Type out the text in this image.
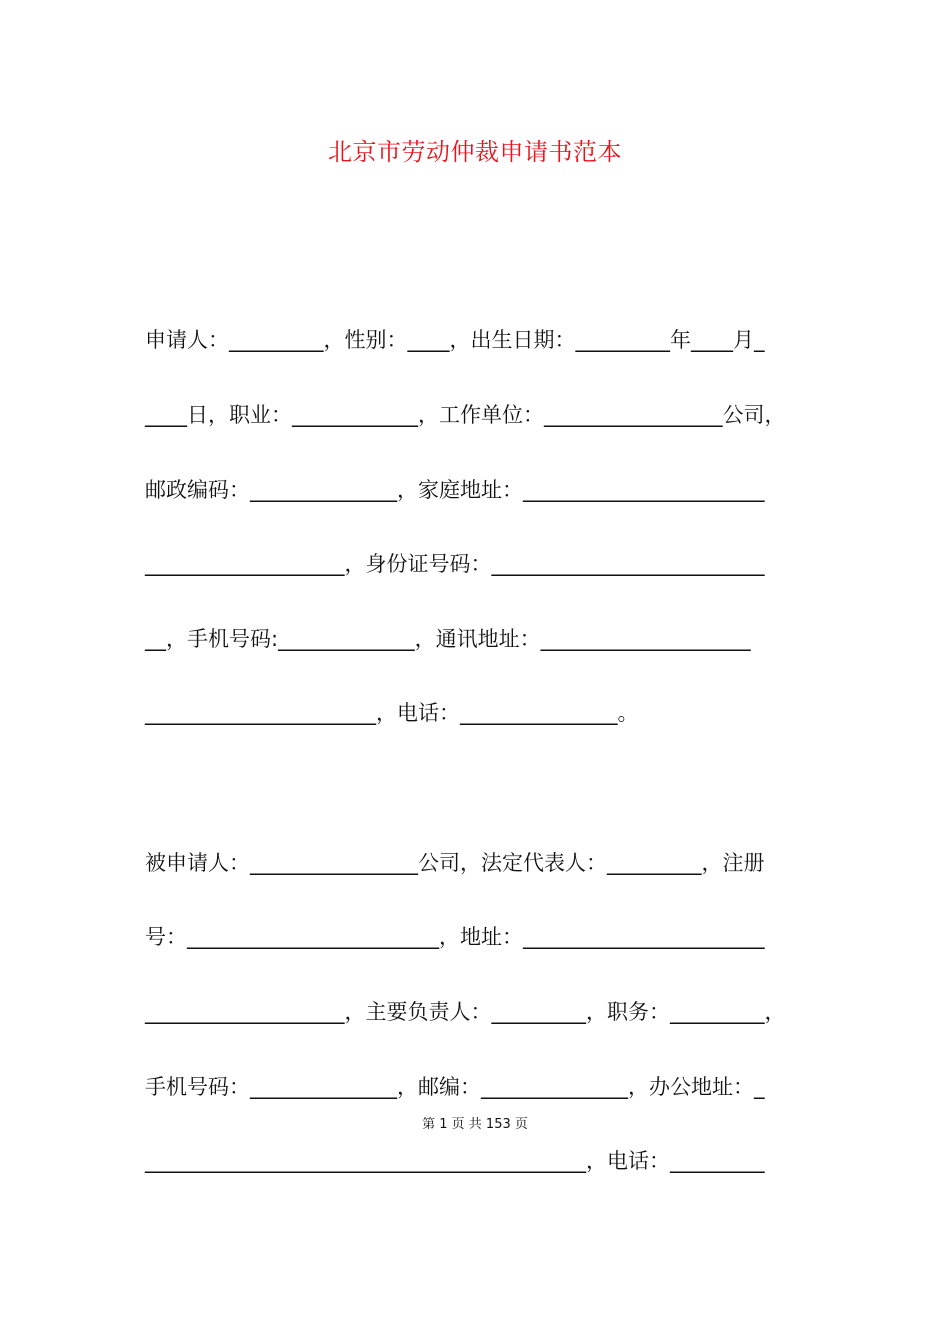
北京市劳动仲裁申请书范本
申请人：_________，性别：____，出生日期：_________年____月_
____日，职业：____________，工作单位：_________________公司，
邮政编码：______________，家庭地址：_______________________
___________________，身份证号码：__________________________
__，手机号码:_____________，通讯地址：____________________
______________________，电话：_______________。
被申请人：________________公司，法定代表人：_________，注册
号：________________________，地址：_______________________
___________________，主要负责人：_________，职务：_________，
手机号码：______________，邮编：______________，办公地址：_
第 1 页 共 153 页
__________________________________________，电话：_________
